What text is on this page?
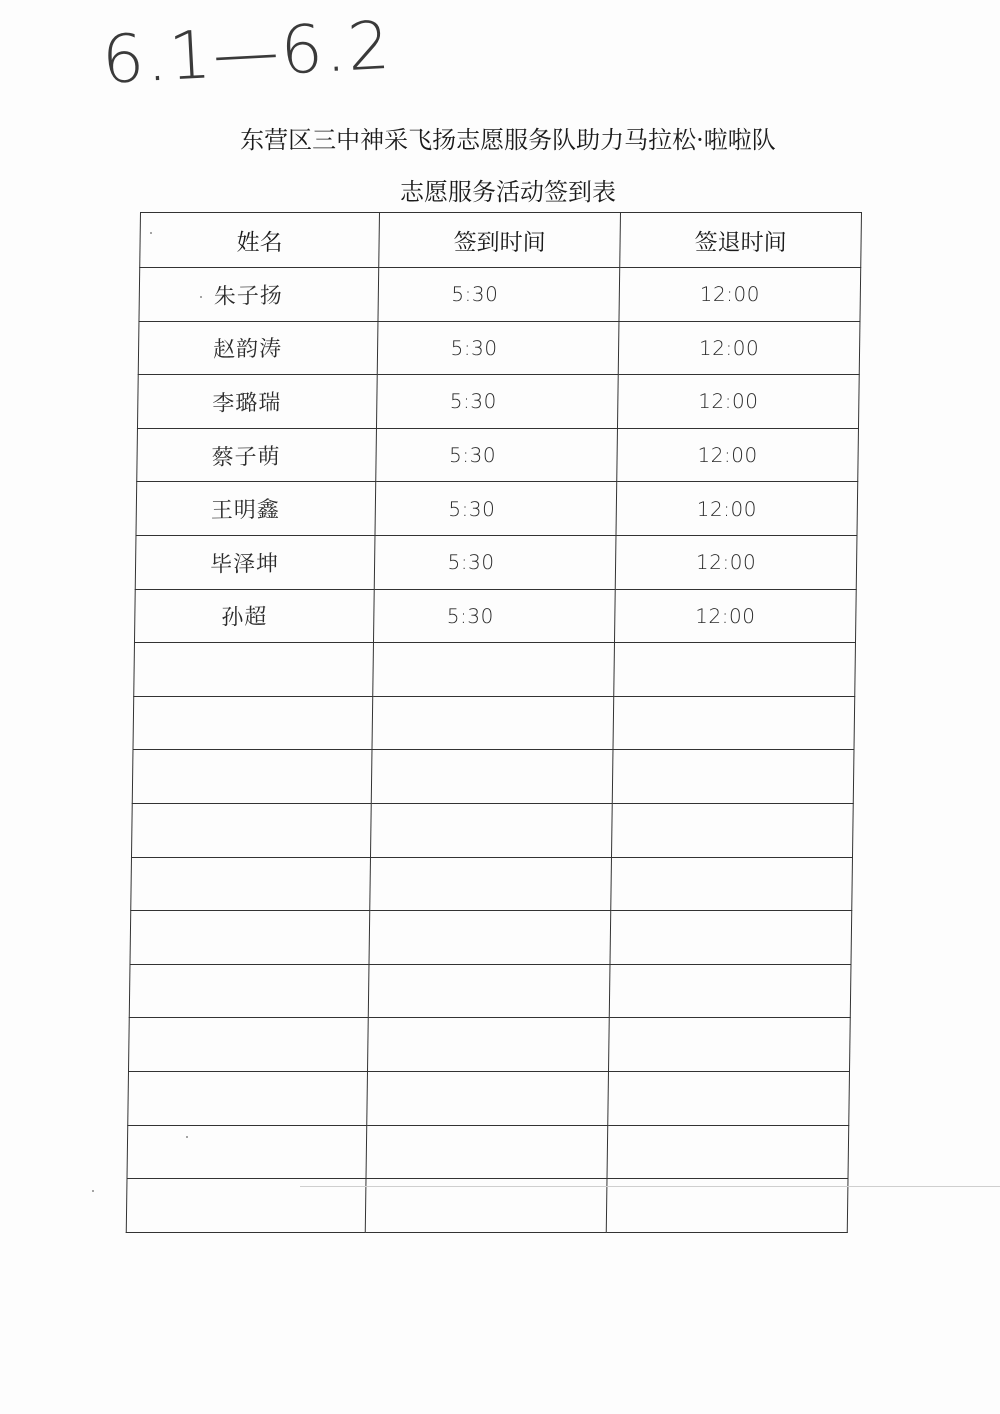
6.1—6.2
东营区三中神采飞扬志愿服务队助力马拉松·啦啦队
志愿服务活动签到表
姓名	签到时间	签退时间
朱子扬	5:30	12:00
赵韵涛	5:30	12:00
李璐瑞	5:30	12:00
蔡子萌	5:30	12:00
王明鑫	5:30	12:00
毕泽坤	5:30	12:00
孙超	5:30	12:00
